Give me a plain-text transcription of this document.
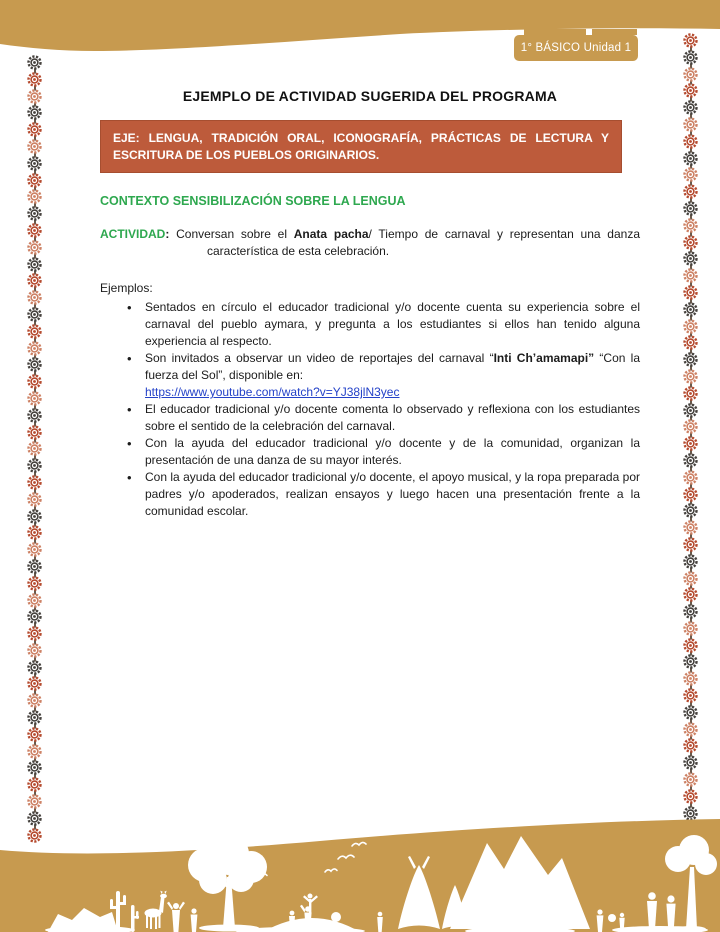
1° BÁSICO Unidad 1
EJEMPLO DE ACTIVIDAD SUGERIDA DEL PROGRAMA
EJE: LENGUA, TRADICIÓN ORAL, ICONOGRAFÍA, PRÁCTICAS DE LECTURA Y ESCRITURA DE LOS PUEBLOS ORIGINARIOS.
CONTEXTO SENSIBILIZACIÓN SOBRE LA LENGUA

ACTIVIDAD: Conversan sobre el Anata pacha/ Tiempo de carnaval y representan una danza característica de esta celebración.

Ejemplos:
• Sentados en círculo el educador tradicional y/o docente cuenta su experiencia sobre el carnaval del pueblo aymara, y pregunta a los estudiantes si ellos han tenido alguna experiencia al respecto.
• Son invitados a observar un video de reportajes del carnaval “Inti Ch’amamapi” “Con la fuerza del Sol”, disponible en:
https://www.youtube.com/watch?v=YJ38jlN3yec
• El educador tradicional y/o docente comenta lo observado y reflexiona con los estudiantes sobre el sentido de la celebración del carnaval.
• Con la ayuda del educador tradicional y/o docente y de la comunidad, organizan la presentación de una danza de su mayor interés.
• Con la ayuda del educador tradicional y/o docente, el apoyo musical, y la ropa preparada por padres y/o apoderados, realizan ensayos y luego hacen una presentación frente a la comunidad escolar.
